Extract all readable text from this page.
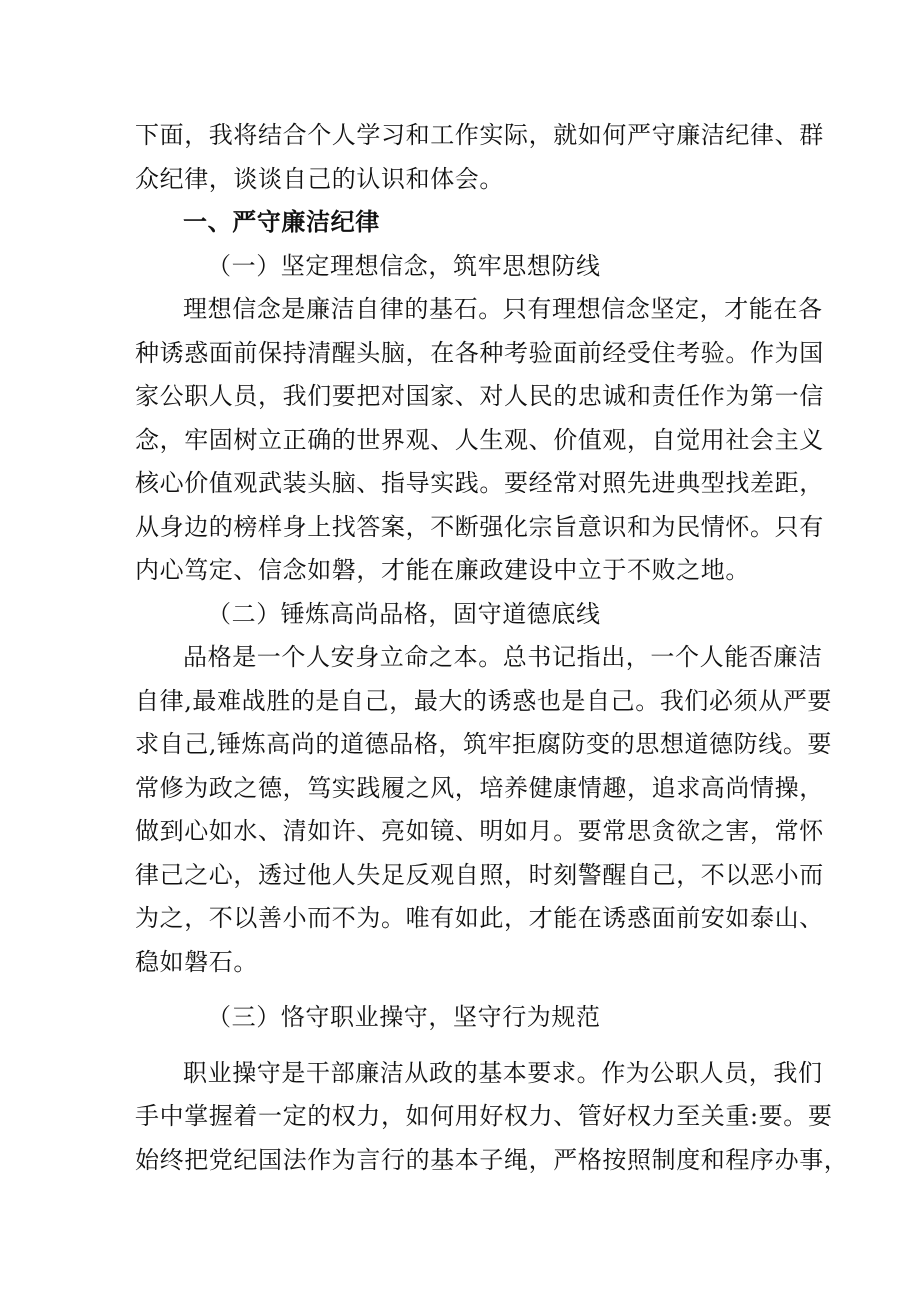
下面，我将结合个人学习和工作实际，就如何严守廉洁纪律、群
众纪律，谈谈自己的认识和体会。
一、严守廉洁纪律
（一）坚定理想信念，筑牢思想防线
理想信念是廉洁自律的基石。只有理想信念坚定，才能在各
种诱惑面前保持清醒头脑，在各种考验面前经受住考验。作为国
家公职人员，我们要把对国家、对人民的忠诚和责任作为第一信
念，牢固树立正确的世界观、人生观、价值观，自觉用社会主义
核心价值观武装头脑、指导实践。要经常对照先进典型找差距，
从身边的榜样身上找答案，不断强化宗旨意识和为民情怀。只有
内心笃定、信念如磐，才能在廉政建设中立于不败之地。
（二）锤炼高尚品格，固守道德底线
品格是一个人安身立命之本。总书记指出，一个人能否廉洁
自律,最难战胜的是自己，最大的诱惑也是自己。我们必须从严要
求自己,锤炼高尚的道德品格，筑牢拒腐防变的思想道德防线。要
常修为政之德，笃实践履之风，培养健康情趣，追求高尚情操，
做到心如水、清如许、亮如镜、明如月。要常思贪欲之害，常怀
律己之心，透过他人失足反观自照，时刻警醒自己，不以恶小而
为之，不以善小而不为。唯有如此，才能在诱惑面前安如泰山、
稳如磐石。
（三）恪守职业操守，坚守行为规范
职业操守是干部廉洁从政的基本要求。作为公职人员，我们
手中掌握着一定的权力，如何用好权力、管好权力至关重:要。要
始终把党纪国法作为言行的基本子绳，严格按照制度和程序办事，
